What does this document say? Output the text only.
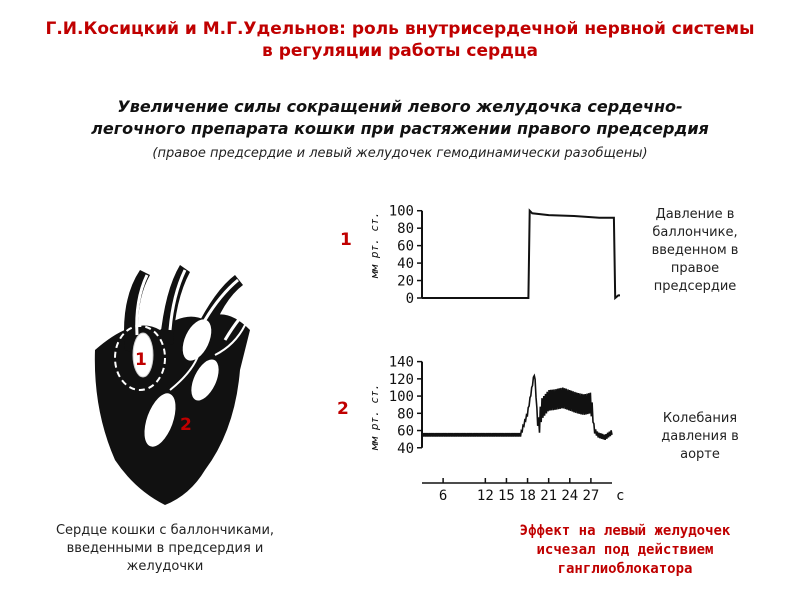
Г.И.Косицкий и М.Г.Удельнов: роль внутрисердечной нервной системы
в регуляции работы сердца
Увеличение силы сокращений левого желудочка сердечно-
легочного препарата кошки при растяжении правого предсердия
(правое предсердие и левый желудочек гемодинамически разобщены)
1
2
1
2
мм рт. ст.
0
20
40
60
80
100
мм рт. ст. 40
60
80
100
120
140
6 12 15 18 21 24 27 с
Давление в
баллончике,
введенном в
правое
предсердие
Колебания
давления в
аорте
Сердце кошки с баллончиками,
введенными в предсердия и
желудочки
Эффект на левый желудочек
исчезал под действием
ганглиоблокатора
